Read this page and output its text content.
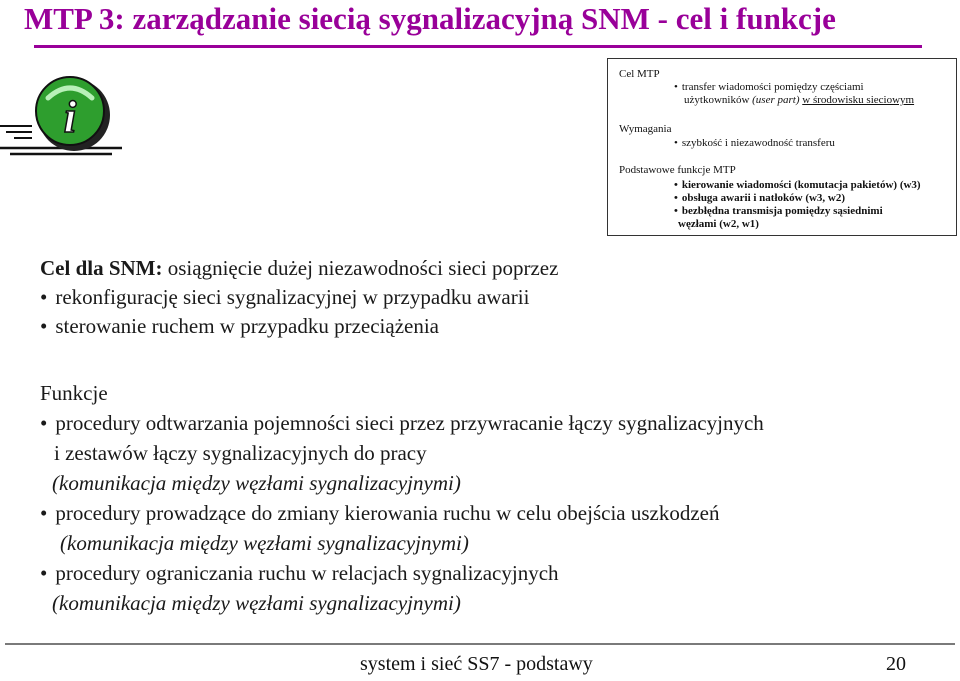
MTP 3: zarządzanie siecią sygnalizacyjną SNM - cel i funkcje
i
Cel MTP
• transfer wiadomości pomiędzy częściami
użytkowników (user part) w środowisku sieciowym
Wymagania
• szybkość i niezawodność transferu
Podstawowe funkcje MTP
• kierowanie wiadomości (komutacja pakietów) (w3)
• obsługa awarii i natłoków (w3, w2)
• bezbłędna transmisja pomiędzy sąsiednimi
węzłami (w2, w1)
Cel dla SNM: osiągnięcie dużej niezawodności sieci poprzez
• rekonfigurację sieci sygnalizacyjnej w przypadku awarii
• sterowanie ruchem w przypadku przeciążenia
Funkcje
• procedury odtwarzania pojemności sieci przez przywracanie łączy sygnalizacyjnych
i zestawów łączy sygnalizacyjnych do pracy
(komunikacja między węzłami sygnalizacyjnymi)
• procedury prowadzące do zmiany kierowania ruchu w celu obejścia uszkodzeń
(komunikacja między węzłami sygnalizacyjnymi)
• procedury ograniczania ruchu w relacjach sygnalizacyjnych
(komunikacja między węzłami sygnalizacyjnymi)
system i sieć SS7 - podstawy	20
